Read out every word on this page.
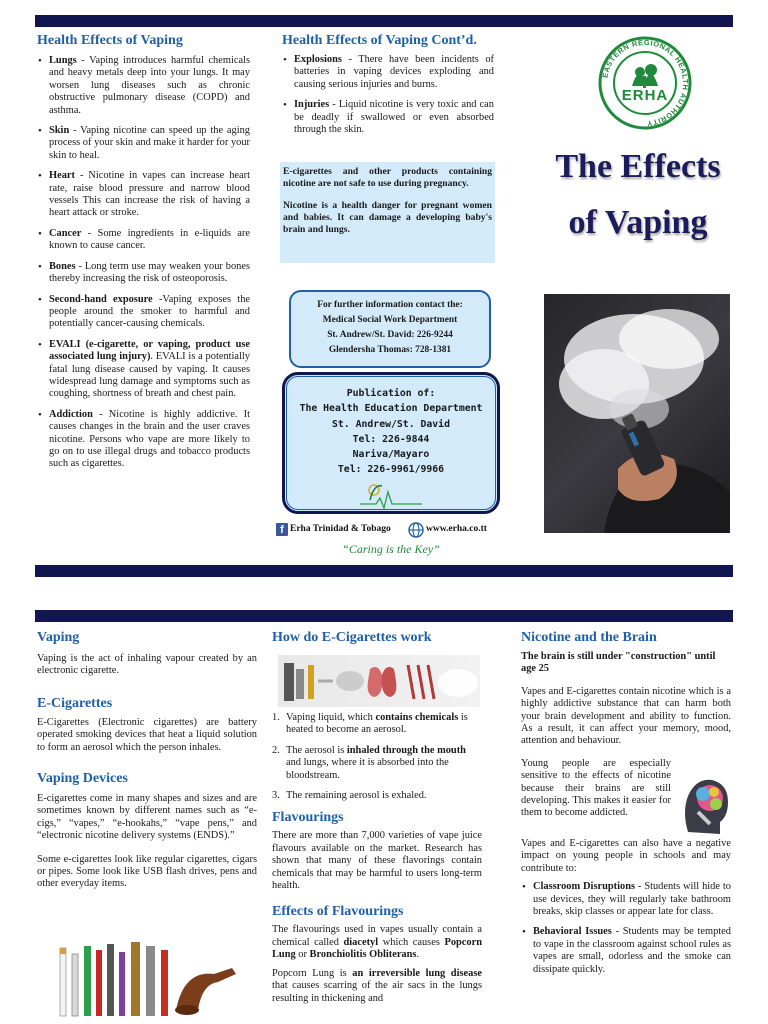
Health Effects of Vaping
• Lungs - Vaping introduces harmful chemicals and heavy metals deep into your lungs. It may worsen lung diseases such as chronic obstructive pulmonary disease (COPD) and asthma.
• Skin - Vaping nicotine can speed up the aging process of your skin and make it harder for your skin to heal.
• Heart - Nicotine in vapes can increase heart rate, raise blood pressure and narrow blood vessels This can increase the risk of having a heart attack or stroke.
• Cancer - Some ingredients in e-liquids are known to cause cancer.
• Bones - Long term use may weaken your bones thereby increasing the risk of osteoporosis.
• Second-hand exposure -Vaping exposes the people around the smoker to harmful and potentially cancer-causing chemicals.
• EVALI (e-cigarette, or vaping, product use associated lung injury). EVALI is a potentially fatal lung disease caused by vaping. It causes widespread lung damage and symptoms such as coughing, shortness of breath and chest pain.
• Addiction - Nicotine is highly addictive. It causes changes in the brain and the user craves nicotine. Persons who vape are more likely to go on to use illegal drugs and tobacco products such as cigarettes.
Health Effects of Vaping Cont’d.
• Explosions - There have been incidents of batteries in vaping devices exploding and causing serious injuries and burns.
• Injuries - Liquid nicotine is very toxic and can be deadly if swallowed or even absorbed through the skin.

E-cigarettes and other products containing nicotine are not safe to use during pregnancy.

Nicotine is a health danger for pregnant women and babies. It can damage a developing baby's brain and lungs.

For further information contact the:
Medical Social Work Department
St. Andrew/St. David: 226-9244
Glendersha Thomas: 728-1381
Publication of:
The Health Education Department
St. Andrew/St. David
Tel: 226-9844
Nariva/Mayaro
Tel: 226-9961/9966
f Erha Trinidad & Tobago	www.erha.co.tt
“Caring is the Key”
EASTERN REGIONAL HEALTH AUTHORITY
ERHA
The Effects
of Vaping
Vaping

Vaping is the act of inhaling vapour created by an electronic cigarette.

E-Cigarettes

E-Cigarettes (Electronic cigarettes) are battery operated smoking devices that heat a liquid solution to form an aerosol which the person inhales.

Vaping Devices

E-cigarettes come in many shapes and sizes and are sometimes known by different names such as “e-cigs,” “vapes,” “e-hookahs,” “vape pens,” and “electronic nicotine delivery systems (ENDS).”

Some e-cigarettes look like regular cigarettes, cigars or pipes. Some look like USB flash drives, pens and other everyday items.

How do E-Cigarettes work
1. Vaping liquid, which contains chemicals is heated to become an aerosol.
2. The aerosol is inhaled through the mouth and lungs, where it is absorbed into the bloodstream.
3. The remaining aerosol is exhaled.
Flavourings

There are more than 7,000 varieties of vape juice flavours available on the market. Research has shown that many of these flavorings contain chemicals that may be harmful to users long-term health.

Effects of Flavourings

The flavourings used in vapes usually contain a chemical called diacetyl which causes Popcorn Lung or Bronchiolitis Obliterans.

Popcorn Lung is an irreversible lung disease that causes scarring of the air sacs in the lungs resulting in thickening and

Nicotine and the Brain

The brain is still under "construction" until age 25

Vapes and E-cigarettes contain nicotine which is a highly addictive substance that can harm both your brain development and ability to function. As a result, it can affect your memory, mood, attention and behaviour.

Young people are especially sensitive to the effects of nicotine because their brains are still developing. This makes it easier for them to become addicted.

Vapes and E-cigarettes can also have a negative impact on young people in schools and may contribute to:

• Classroom Disruptions - Students will hide to use devices, they will regularly take bathroom breaks, skip classes or appear late for class.
• Behavioral Issues - Students may be tempted to vape in the classroom against school rules as vapes are small, odorless and the smoke can dissipate quickly.
